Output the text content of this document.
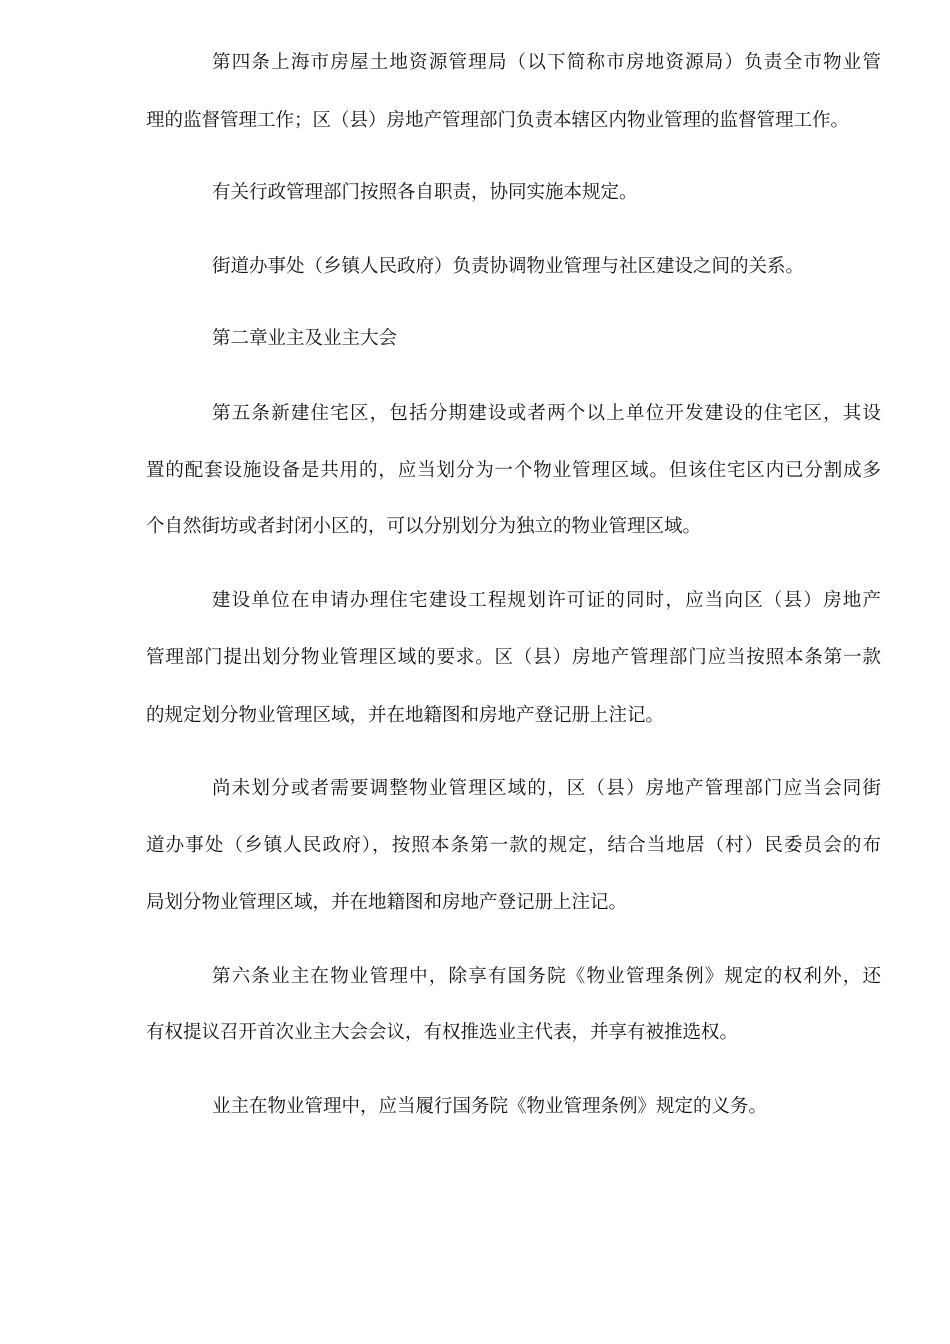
第四条上海市房屋土地资源管理局（以下简称市房地资源局）负责全市物业管
理的监督管理工作；区（县）房地产管理部门负责本辖区内物业管理的监督管理工作。
有关行政管理部门按照各自职责，协同实施本规定。
街道办事处（乡镇人民政府）负责协调物业管理与社区建设之间的关系。
第二章业主及业主大会
第五条新建住宅区，包括分期建设或者两个以上单位开发建设的住宅区，其设
置的配套设施设备是共用的，应当划分为一个物业管理区域。但该住宅区内已分割成多
个自然街坊或者封闭小区的，可以分别划分为独立的物业管理区域。
建设单位在申请办理住宅建设工程规划许可证的同时，应当向区（县）房地产
管理部门提出划分物业管理区域的要求。区（县）房地产管理部门应当按照本条第一款
的规定划分物业管理区域，并在地籍图和房地产登记册上注记。
尚未划分或者需要调整物业管理区域的，区（县）房地产管理部门应当会同街
道办事处（乡镇人民政府），按照本条第一款的规定，结合当地居（村）民委员会的布
局划分物业管理区域，并在地籍图和房地产登记册上注记。
第六条业主在物业管理中，除享有国务院《物业管理条例》规定的权利外，还
有权提议召开首次业主大会会议，有权推选业主代表，并享有被推选权。
业主在物业管理中，应当履行国务院《物业管理条例》规定的义务。
